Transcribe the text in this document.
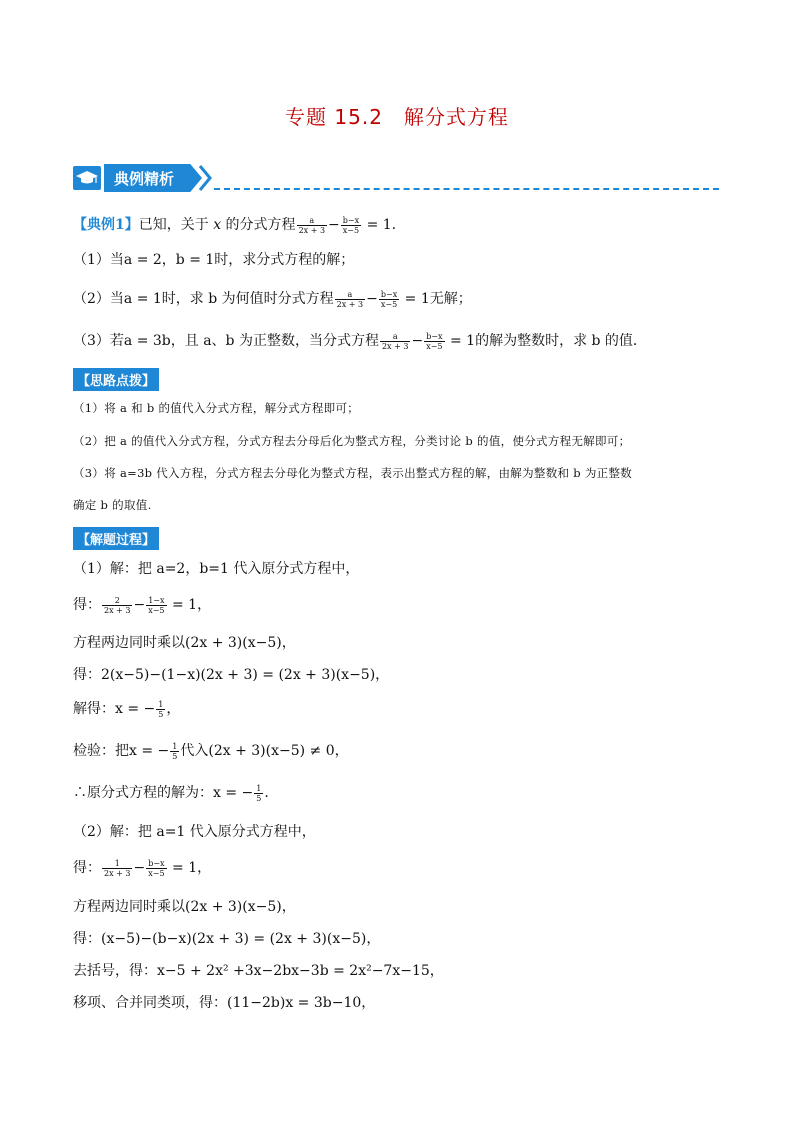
专题 15.2　解分式方程
典例精析
【典例1】已知，关于 x 的分式方程 $\frac{a}{2x + 3} - \frac{b-x}{x-5} = 1$.
（1）当a = 2，b = 1时，求分式方程的解；
（2）当a = 1时，求 b 为何值时分式方程 $\frac{a}{2x + 3} - \frac{b-x}{x-5} = 1$无解；
（3）若a = 3b，且 a、b 为正整数，当分式方程 $\frac{a}{2x + 3} - \frac{b-x}{x-5} = 1$的解为整数时，求 b 的值．
【思路点拨】
（1）将 a 和 b 的值代入分式方程，解分式方程即可；
（2）把 a 的值代入分式方程，分式方程去分母后化为整式方程，分类讨论 b 的值，使分式方程无解即可；
（3）将 a=3b 代入方程，分式方程去分母化为整式方程，表示出整式方程的解，由解为整数和 b 为正整数
确定 b 的取值.
【解题过程】
（1）解：把 a=2，b=1 代入原分式方程中，
得： $\frac{2}{2x + 3} - \frac{1-x}{x-5} = 1$，
方程两边同时乘以(2x + 3)(x−5)，
得：2(x−5)−(1−x)(2x + 3) = (2x + 3)(x−5)，
解得：x = − $\frac{1}{5}$ ，
检验：把x = − $\frac{1}{5}$ 代入(2x + 3)(x−5) ≠ 0，
∴原分式方程的解为：x = − $\frac{1}{5}$ .
（2）解：把 a=1 代入原分式方程中，
得： $\frac{1}{2x + 3} - \frac{b-x}{x-5} = 1$，
方程两边同时乘以(2x + 3)(x−5)，
得：(x−5)−(b−x)(2x + 3) = (2x + 3)(x−5)，
去括号，得：x−5 + 2x² +3x−2bx−3b = 2x²−7x−15，
移项、合并同类项，得：(11−2b)x = 3b−10，
